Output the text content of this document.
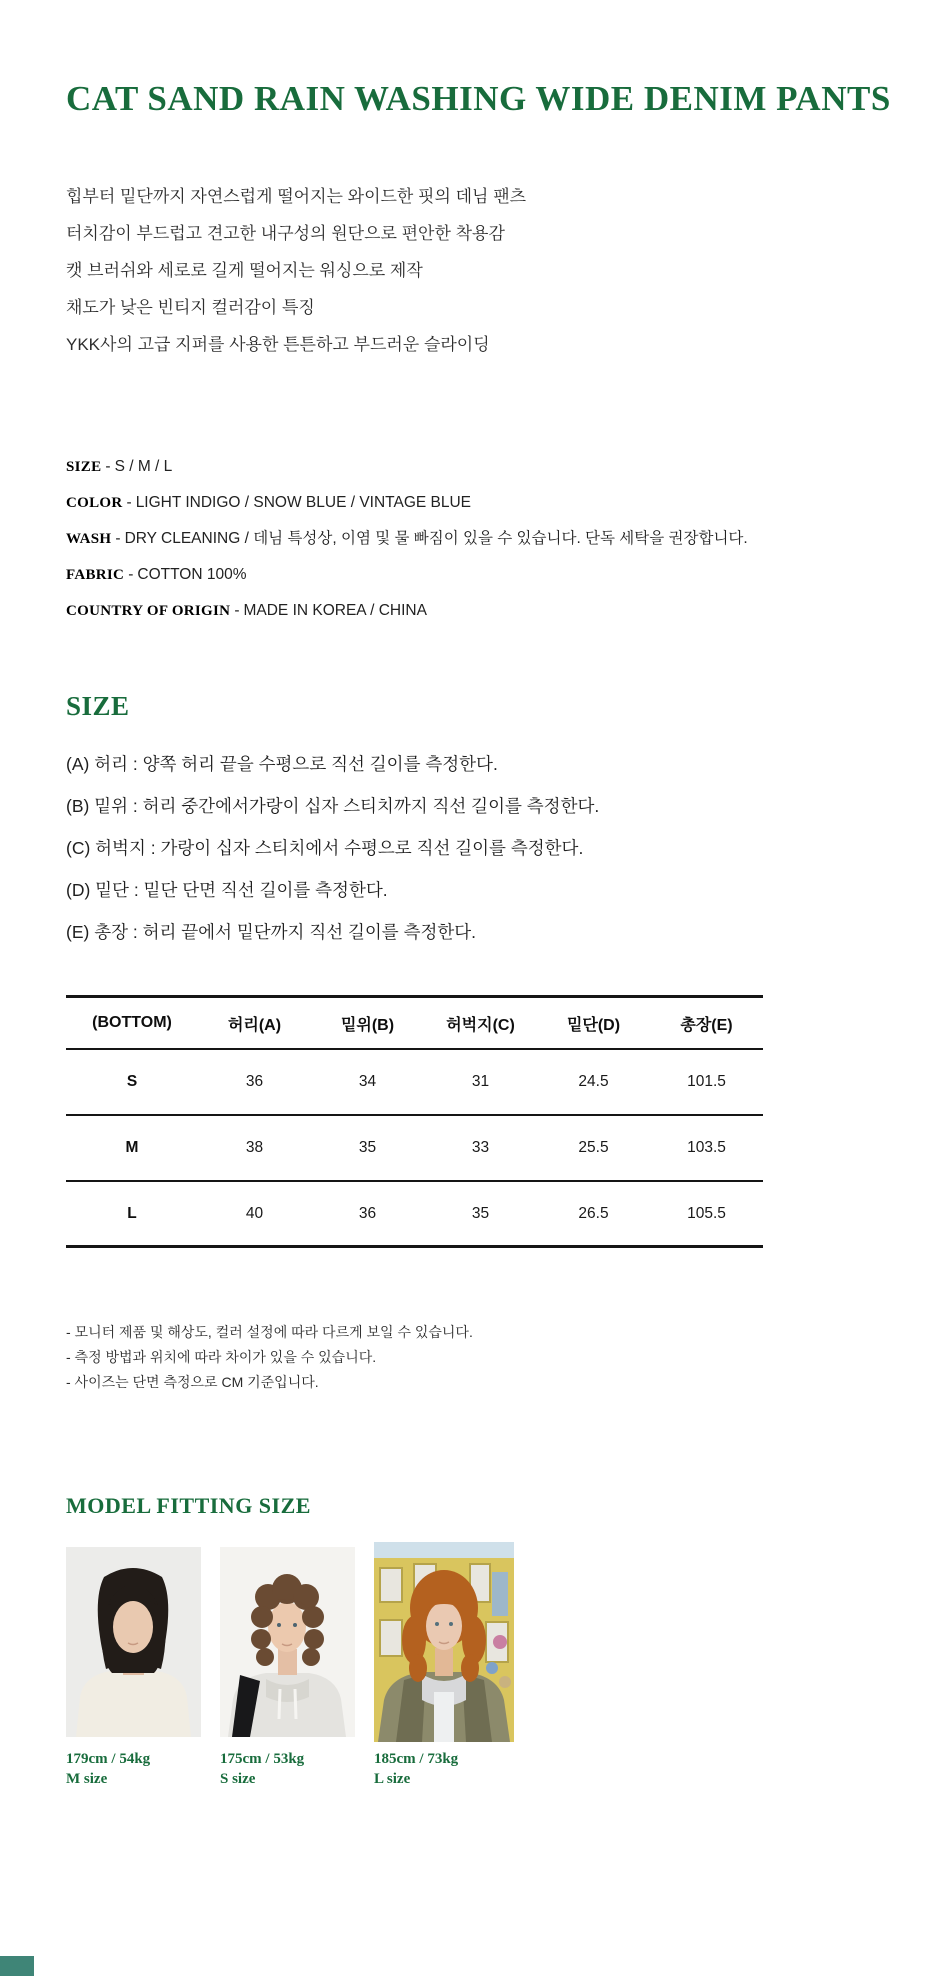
CAT SAND RAIN WASHING WIDE DENIM PANTS
힙부터 밑단까지 자연스럽게 떨어지는 와이드한 핏의 데님 팬츠
터치감이 부드럽고 견고한 내구성의 원단으로 편안한 착용감
캣 브러쉬와 세로로 길게 떨어지는 워싱으로 제작
채도가 낮은 빈티지 컬러감이 특징
YKK사의 고급 지퍼를 사용한 튼튼하고 부드러운 슬라이딩
SIZE - S / M / L
COLOR - LIGHT INDIGO / SNOW BLUE / VINTAGE BLUE
WASH - DRY CLEANING / 데님 특성상, 이염 및 물 빠짐이 있을 수 있습니다. 단독 세탁을 권장합니다.
FABRIC - COTTON 100%
COUNTRY OF ORIGIN - MADE IN KOREA / CHINA
SIZE
(A) 허리 : 양쪽 허리 끝을 수평으로 직선 길이를 측정한다.
(B) 밑위 : 허리 중간에서가랑이 십자 스티치까지 직선 길이를 측정한다.
(C) 허벅지 : 가랑이 십자 스티치에서 수평으로 직선 길이를 측정한다.
(D) 밑단 : 밑단 단면 직선 길이를 측정한다.
(E) 총장 : 허리 끝에서 밑단까지 직선 길이를 측정한다.
(BOTTOM)	허리(A)	밑위(B)	허벅지(C)	밑단(D)	총장(E)
S	36	34	31	24.5	101.5
M	38	35	33	25.5	103.5
L	40	36	35	26.5	105.5
- 모니터 제품 및 해상도, 컬러 설정에 따라 다르게 보일 수 있습니다.
- 측정 방법과 위치에 따라 차이가 있을 수 있습니다.
- 사이즈는 단면 측정으로 CM 기준입니다.
MODEL FITTING SIZE
179cm / 54kg
M size
175cm / 53kg
S size
185cm / 73kg
L size
